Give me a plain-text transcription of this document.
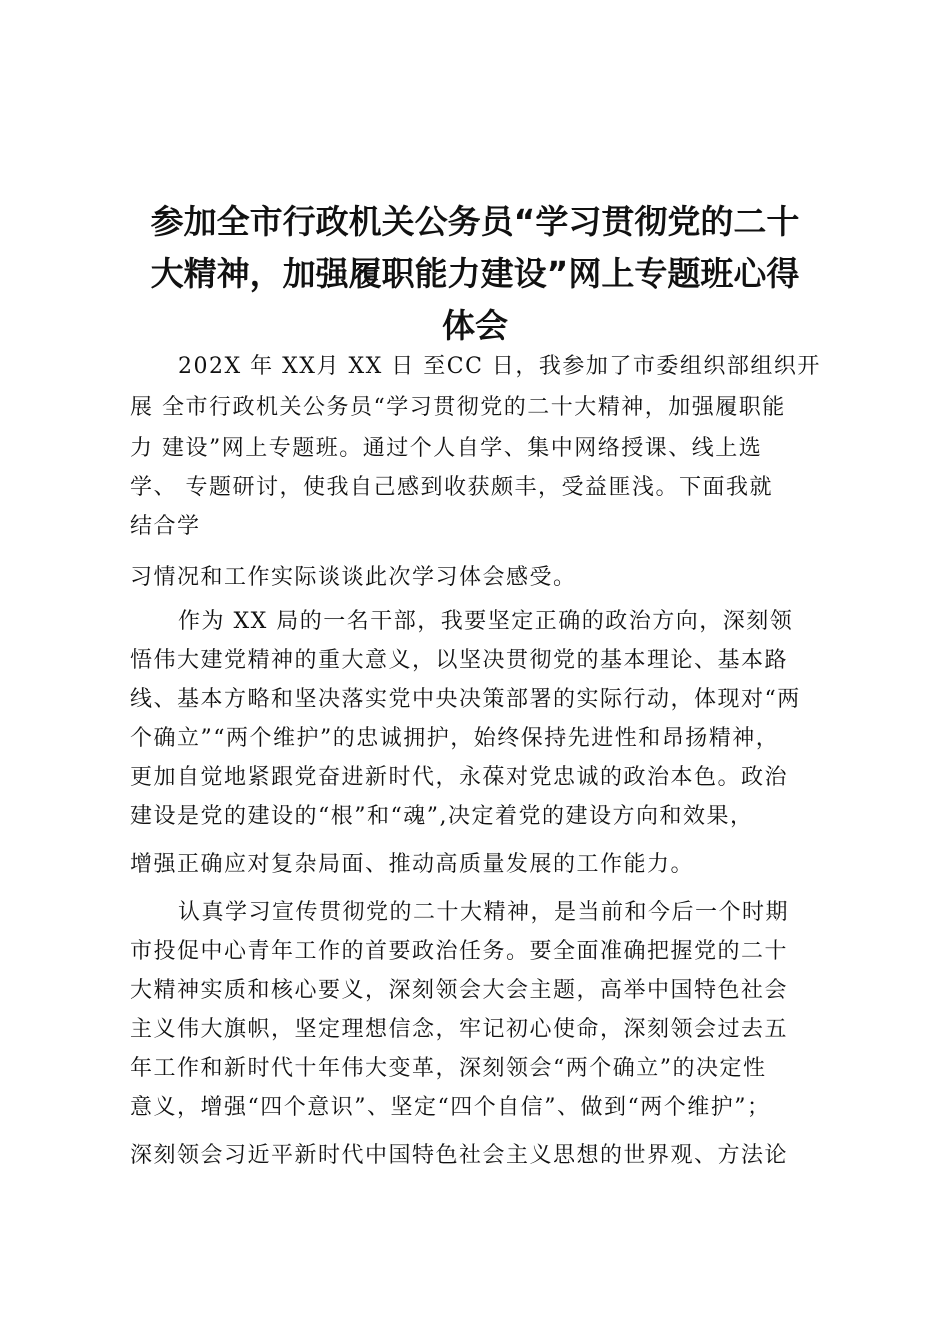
参加全市行政机关公务员“学习贯彻党的二十
大精神，加强履职能力建设”网上专题班心得
体会
202X 年 XX月 XX 日 至CC 日，我参加了市委组织部组织开
展 全市行政机关公务员“学习贯彻党的二十大精神，加强履职能
力 建设”网上专题班。通过个人自学、集中网络授课、线上选
学、 专题研讨，使我自己感到收获颇丰，受益匪浅。下面我就
结合学
习情况和工作实际谈谈此次学习体会感受。
作为 XX 局的一名干部，我要坚定正确的政治方向，深刻领
悟伟大建党精神的重大意义，以坚决贯彻党的基本理论、基本路
线、基本方略和坚决落实党中央决策部署的实际行动，体现对“两
个确立”“两个维护”的忠诚拥护，始终保持先进性和昂扬精神，
更加自觉地紧跟党奋进新时代，永葆对党忠诚的政治本色。政治
建设是党的建设的“根”和“魂”,决定着党的建设方向和效果，
增强正确应对复杂局面、推动高质量发展的工作能力。
认真学习宣传贯彻党的二十大精神，是当前和今后一个时期
市投促中心青年工作的首要政治任务。要全面准确把握党的二十
大精神实质和核心要义，深刻领会大会主题，高举中国特色社会
主义伟大旗帜，坚定理想信念，牢记初心使命，深刻领会过去五
年工作和新时代十年伟大变革，深刻领会“两个确立”的决定性
意义，增强“四个意识”、坚定“四个自信”、做到“两个维护”；
深刻领会习近平新时代中国特色社会主义思想的世界观、方法论
